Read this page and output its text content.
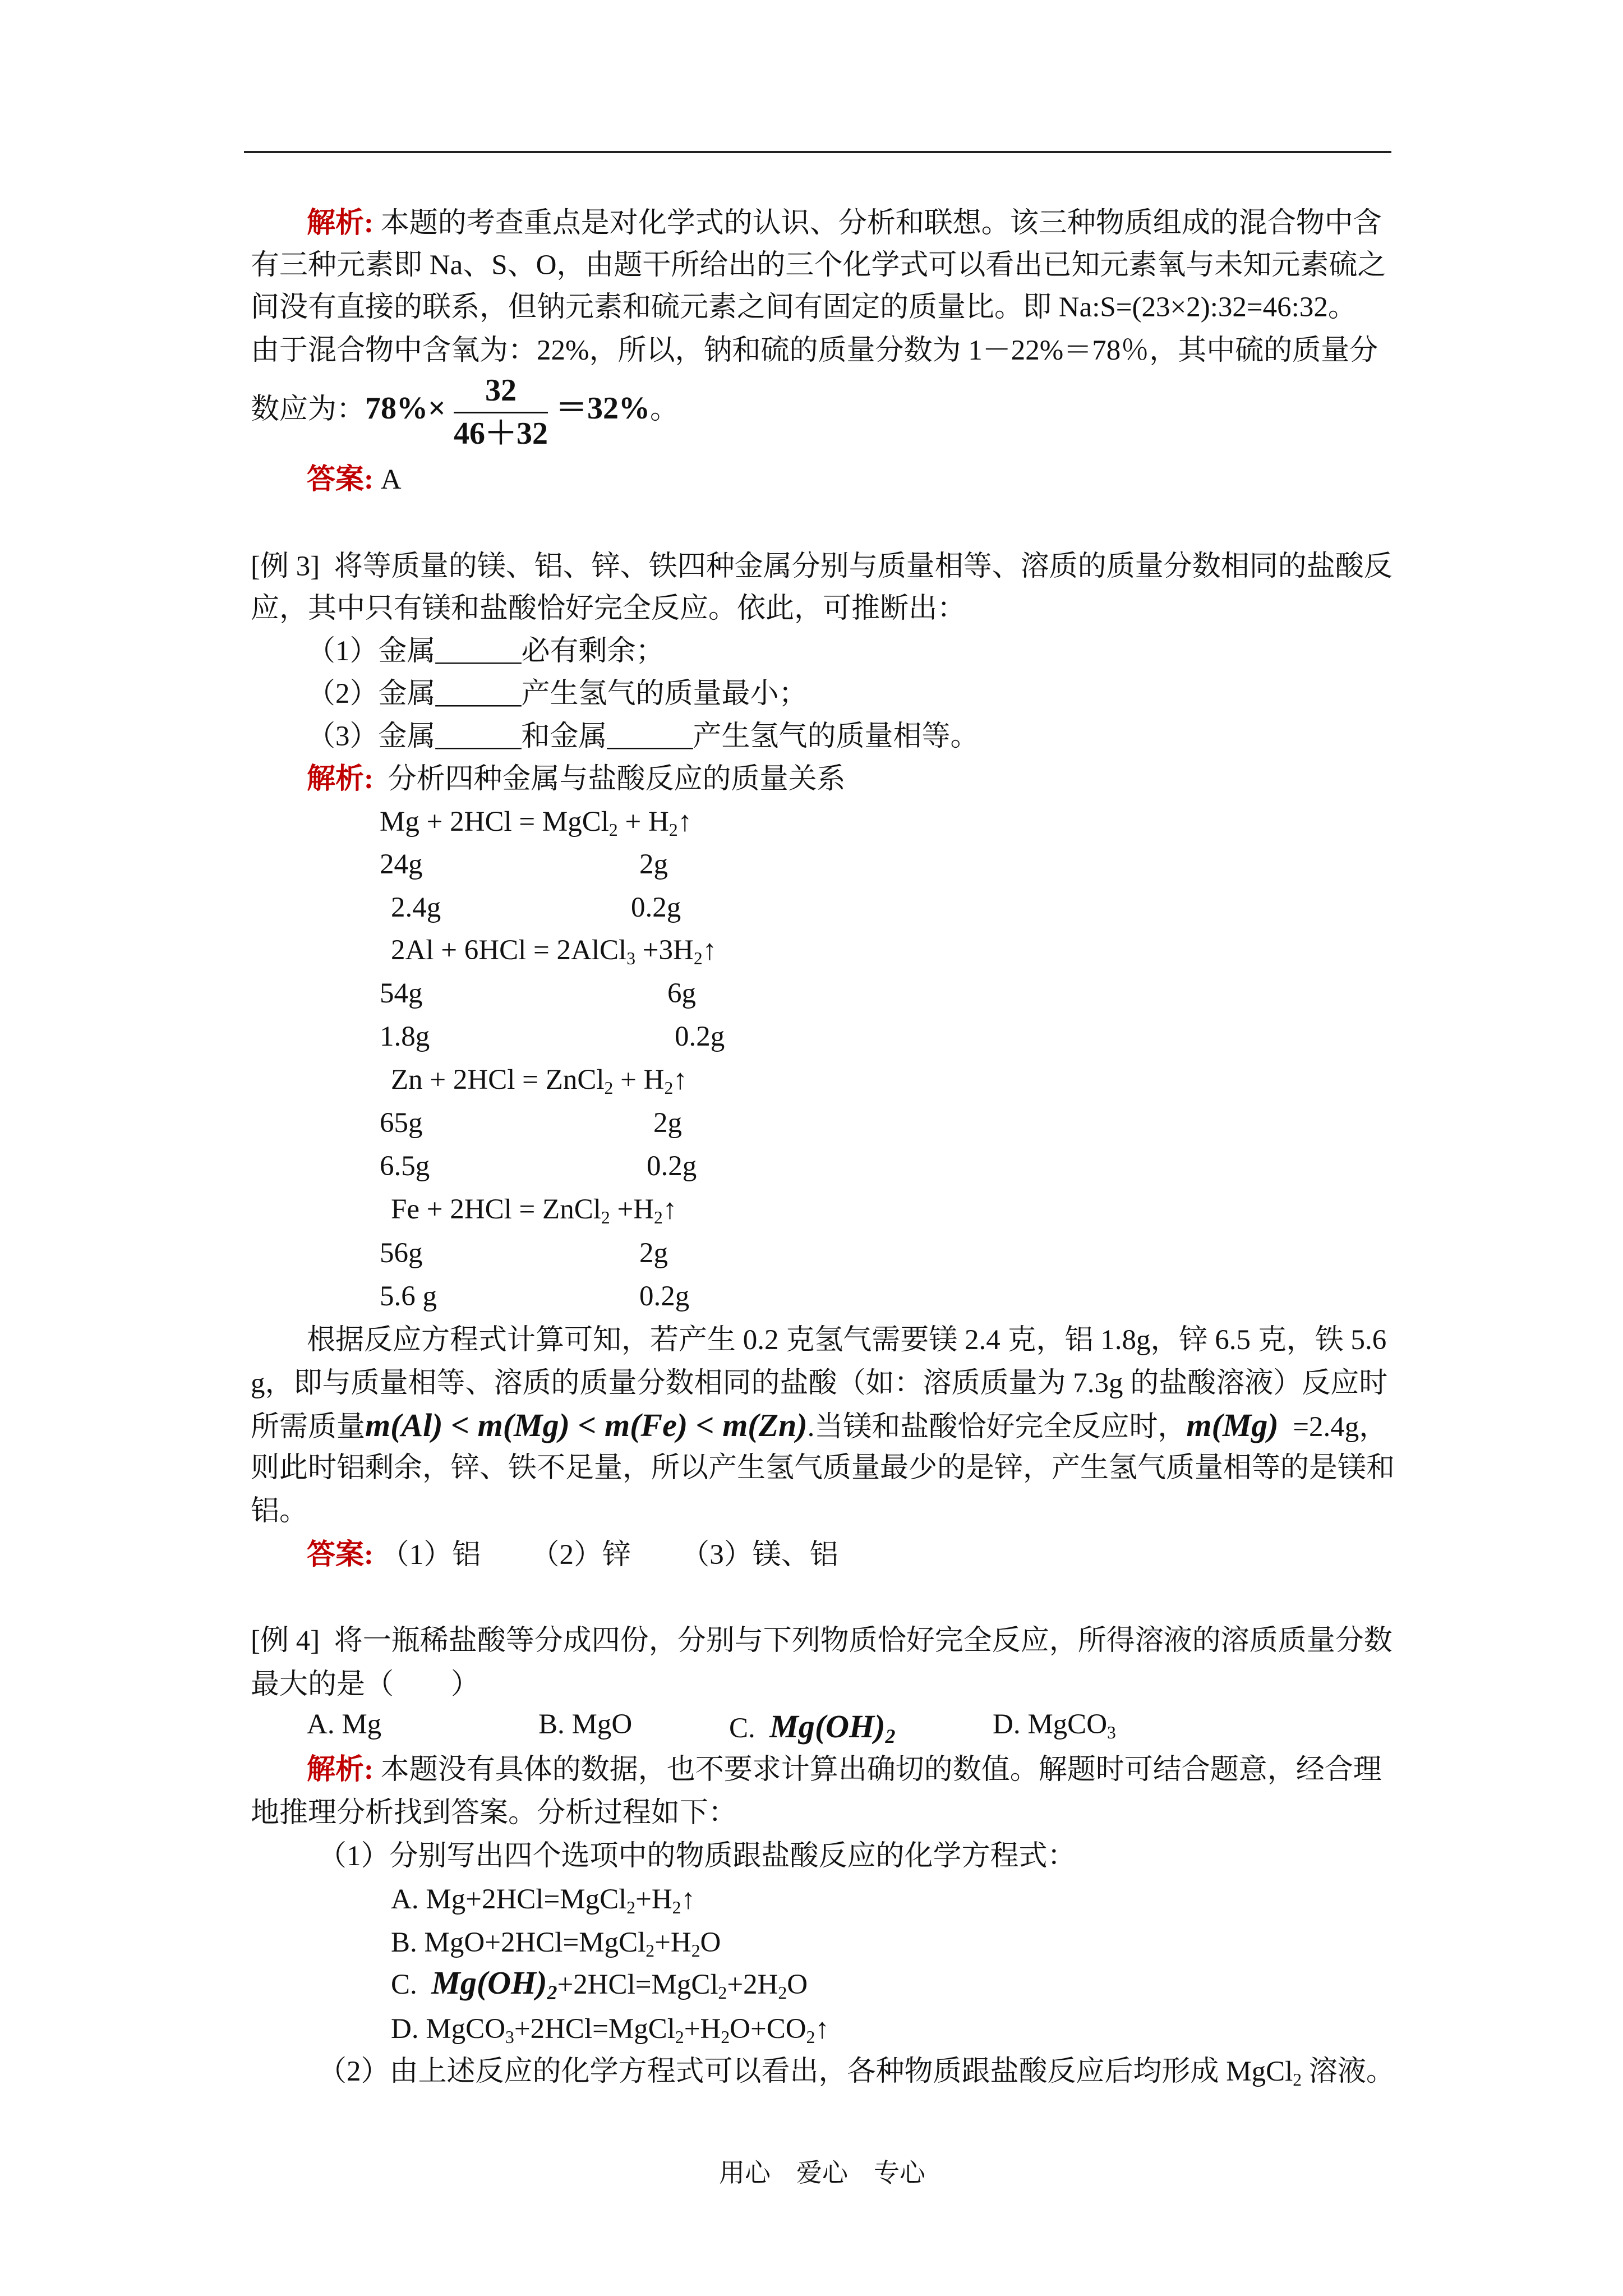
解析: 本题的考查重点是对化学式的认识、分析和联想。该三种物质组成的混合物中含
有三种元素即 Na、S、O，由题干所给出的三个化学式可以看出已知元素氧与未知元素硫之
间没有直接的联系，但钠元素和硫元素之间有固定的质量比。即 Na:S=(23×2):32=46:32。
由于混合物中含氧为：22%，所以，钠和硫的质量分数为 1－22%＝78％，其中硫的质量分
数应为：$78\%\times \frac{32}{46+32} =32\%$。
答案: A
[例 3]  将等质量的镁、铝、锌、铁四种金属分别与质量相等、溶质的质量分数相同的盐酸反
应，其中只有镁和盐酸恰好完全反应。依此，可推断出：
（1）金属______必有剩余；
（2）金属______产生氢气的质量最小；
（3）金属______和金属______产生氢气的质量相等。
解析:  分析四种金属与盐酸反应的质量关系
Mg + 2HCl = MgCl$_2$ + $H_2↑$
24g	2g
2.4g	0.2g
2Al + 6HCl = 2AlCl$_3$ $+3H_2↑$
54g	6g
1.8g	0.2g
Zn + 2HCl = ZnCl$_2$ + $H_2↑$
65g	2g
6.5g	0.2g
Fe + 2HCl = ZnCl$_2$ $+H_2↑$
56g	2g
5.6 g	0.2g
根据反应方程式计算可知，若产生 0.2 克氢气需要镁 2.4 克，铝 1.8g，锌 6.5 克，铁 5.6
g，即与质量相等、溶质的质量分数相同的盐酸（如：溶质质量为 7.3g 的盐酸溶液）反应时
所需质量m(Al) < m(Mg) < m(Fe) < m(Zn).当镁和盐酸恰好完全反应时，m(Mg)  =2.4g，
则此时铝剩余，锌、铁不足量，所以产生氢气质量最少的是锌，产生氢气质量相等的是镁和
铝。
答案: （1）铝       （2）锌       （3）镁、铝
[例 4]  将一瓶稀盐酸等分成四份，分别与下列物质恰好完全反应，所得溶液的溶质质量分数
最大的是（        ）
A. Mg	B. MgO	C.  $Mg(OH)_2$	D. MgCO$_3$
解析: 本题没有具体的数据，也不要求计算出确切的数值。解题时可结合题意，经合理
地推理分析找到答案。分析过程如下：
（1）分别写出四个选项中的物质跟盐酸反应的化学方程式：
A. $Mg+2HCl=MgCl_2+H_2↑$
B. $MgO+2HCl=MgCl_2+H_2O$
C.  $Mg(OH)_2+2HCl=MgCl_2+2H_2O$
D. $MgCO_3+2HCl=MgCl_2+H_2O+CO_2↑$
（2）由上述反应的化学方程式可以看出，各种物质跟盐酸反应后均形成 MgCl$_2$ 溶液。
用心    爱心    专心
